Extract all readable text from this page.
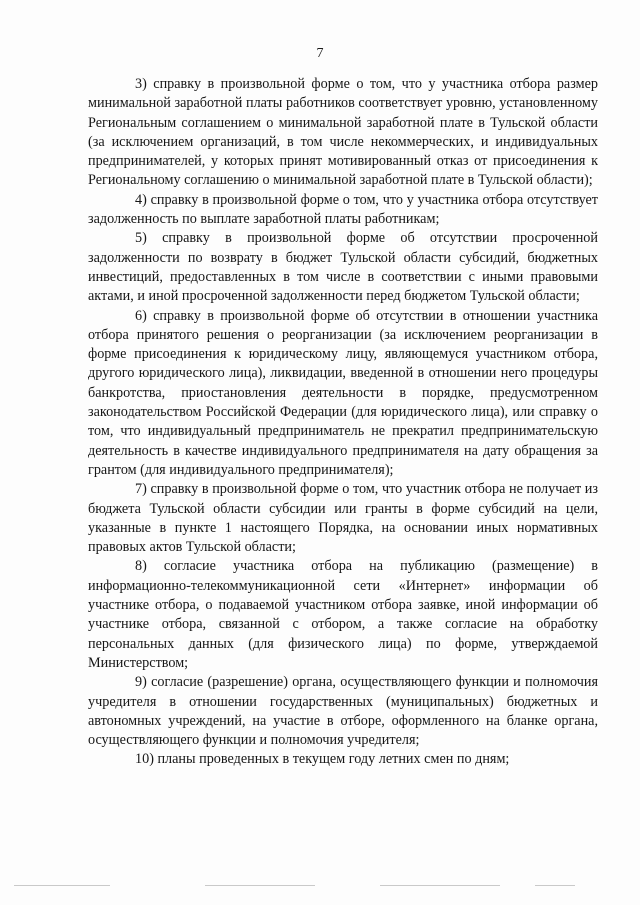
7

3) справку в произвольной форме о том, что у участника отбора размер минимальной заработной платы работников соответствует уровню, установленному Региональным соглашением о минимальной заработной плате в Тульской области (за исключением организаций, в том числе некоммерческих, и индивидуальных предпринимателей, у которых принят мотивированный отказ от присоединения к Региональному соглашению о минимальной заработной плате в Тульской области);

4) справку в произвольной форме о том, что у участника отбора отсутствует задолженность по выплате заработной платы работникам;

5) справку в произвольной форме об отсутствии просроченной задолженности по возврату в бюджет Тульской области субсидий, бюджетных инвестиций, предоставленных в том числе в соответствии с иными правовыми актами, и иной просроченной задолженности перед бюджетом Тульской области;

6) справку в произвольной форме об отсутствии в отношении участника отбора принятого решения о реорганизации (за исключением реорганизации в форме присоединения к юридическому лицу, являющемуся участником отбора, другого юридического лица), ликвидации, введенной в отношении него процедуры банкротства, приостановления деятельности в порядке, предусмотренном законодательством Российской Федерации (для юридического лица), или справку о том, что индивидуальный предприниматель не прекратил предпринимательскую деятельность в качестве индивидуального предпринимателя на дату обращения за грантом (для индивидуального предпринимателя);

7) справку в произвольной форме о том, что участник отбора не получает из бюджета Тульской области субсидии или гранты в форме субсидий на цели, указанные в пункте 1 настоящего Порядка, на основании иных нормативных правовых актов Тульской области;

8) согласие участника отбора на публикацию (размещение) в информационно-телекоммуникационной сети «Интернет» информации об участнике отбора, о подаваемой участником отбора заявке, иной информации об участнике отбора, связанной с отбором, а также согласие на обработку персональных данных (для физического лица) по форме, утверждаемой Министерством;

9) согласие (разрешение) органа, осуществляющего функции и полномочия учредителя в отношении государственных (муниципальных) бюджетных и автономных учреждений, на участие в отборе, оформленного на бланке органа, осуществляющего функции и полномочия учредителя;

10) планы проведенных в текущем году летних смен по дням;
